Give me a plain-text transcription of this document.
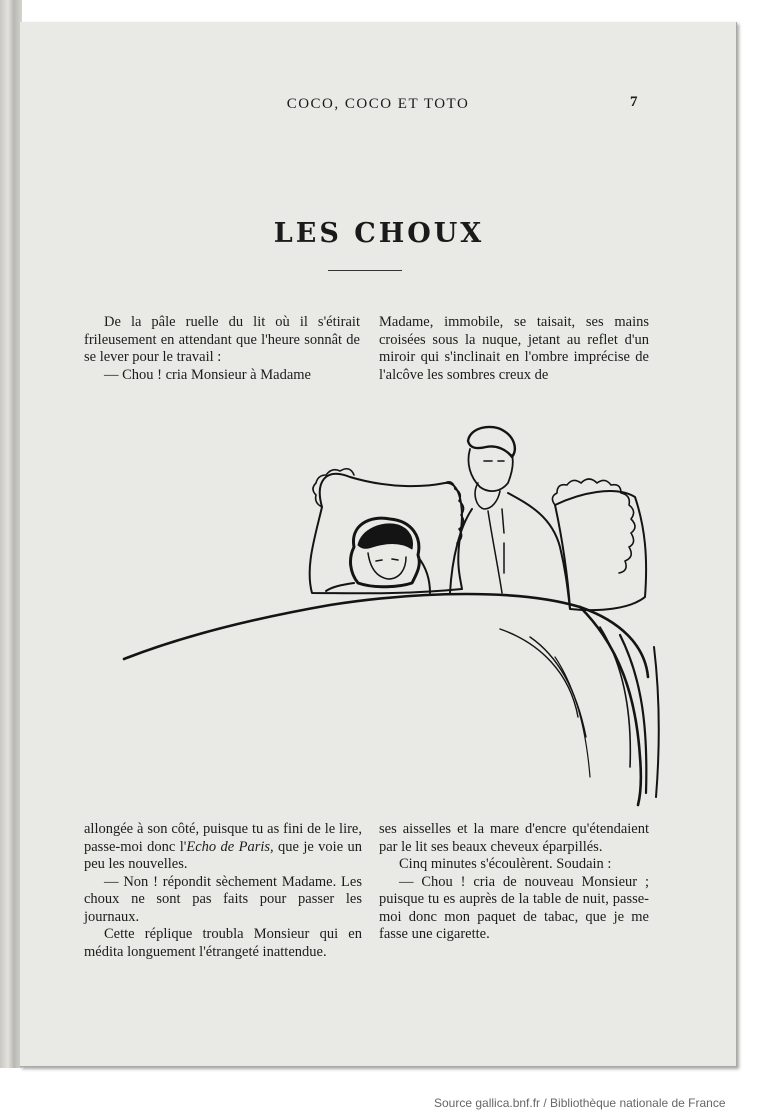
COCO, COCO ET TOTO	7
LES CHOUX

De la pâle ruelle du lit où il s'étirait frileusement en attendant que l'heure sonnât de se lever pour le travail :

— Chou ! cria Monsieur à Madame

Madame, immobile, se taisait, ses mains croisées sous la nuque, jetant au reflet d'un miroir qui s'inclinait en l'ombre imprécise de l'alcôve les sombres creux de

allongée à son côté, puisque tu as fini de le lire, passe-moi donc l'Echo de Paris, que je voie un peu les nouvelles.

— Non ! répondit sèchement Madame. Les choux ne sont pas faits pour passer les journaux.

Cette réplique troubla Monsieur qui en médita longuement l'étrangeté inattendue.

ses aisselles et la mare d'encre qu'étendaient par le lit ses beaux cheveux éparpillés.

Cinq minutes s'écoulèrent. Soudain :

— Chou ! cria de nouveau Monsieur ; puisque tu es auprès de la table de nuit, passe-moi donc mon paquet de tabac, que je me fasse une cigarette.

Source gallica.bnf.fr / Bibliothèque nationale de France
